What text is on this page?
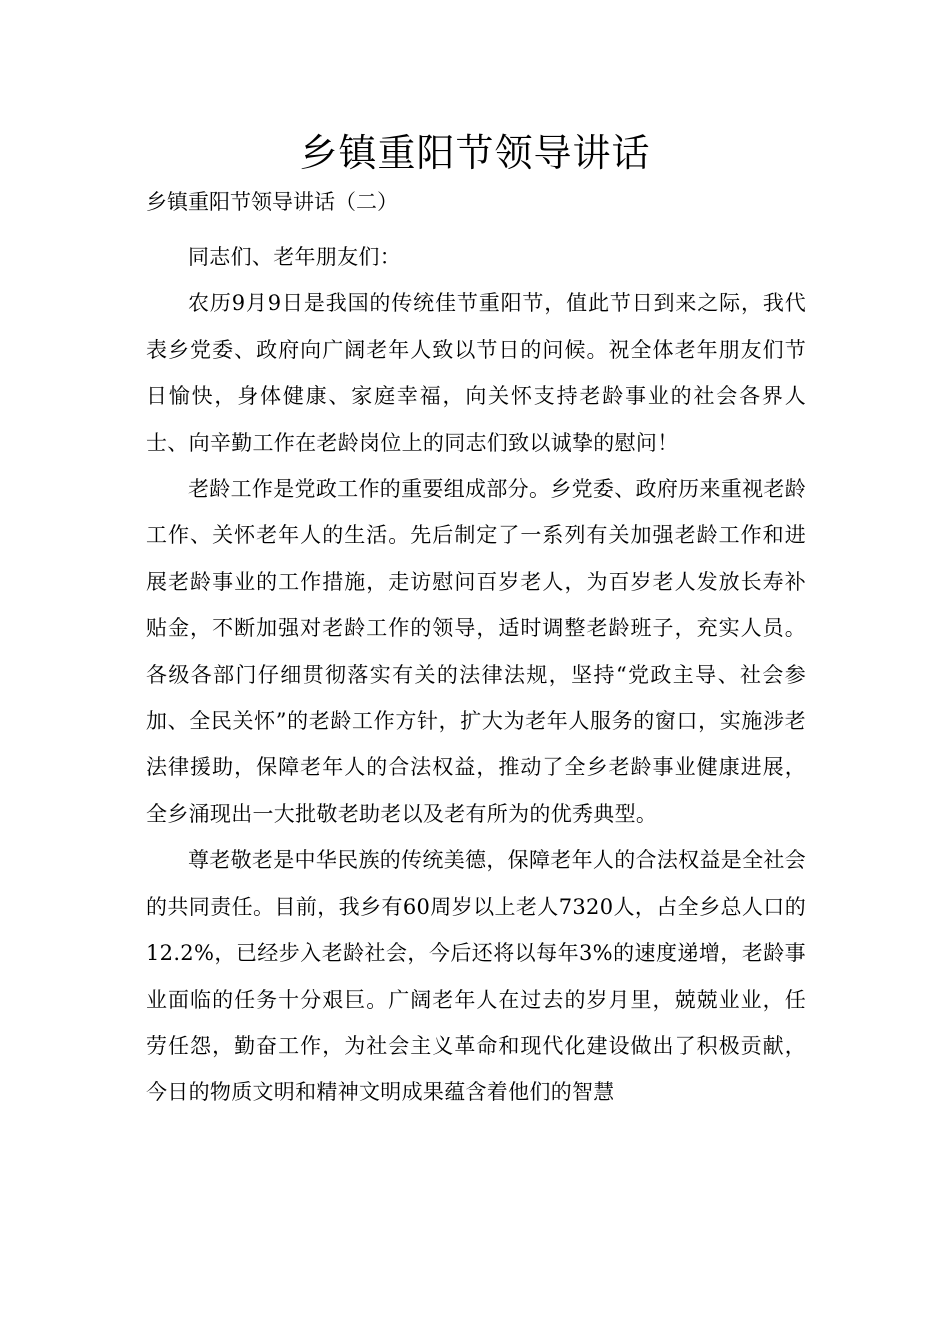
乡镇重阳节领导讲话
乡镇重阳节领导讲话（二）

同志们、老年朋友们：

农历9月9日是我国的传统佳节重阳节，值此节日到来之际，我代表乡党委、政府向广阔老年人致以节日的问候。祝全体老年朋友们节日愉快，身体健康、家庭幸福，向关怀支持老龄事业的社会各界人士、向辛勤工作在老龄岗位上的同志们致以诚挚的慰问！

老龄工作是党政工作的重要组成部分。乡党委、政府历来重视老龄工作、关怀老年人的生活。先后制定了一系列有关加强老龄工作和进展老龄事业的工作措施，走访慰问百岁老人，为百岁老人发放长寿补贴金，不断加强对老龄工作的领导，适时调整老龄班子，充实人员。各级各部门仔细贯彻落实有关的法律法规，坚持“党政主导、社会参加、全民关怀”的老龄工作方针，扩大为老年人服务的窗口，实施涉老法律援助，保障老年人的合法权益，推动了全乡老龄事业健康进展，全乡涌现出一大批敬老助老以及老有所为的优秀典型。

尊老敬老是中华民族的传统美德，保障老年人的合法权益是全社会的共同责任。目前，我乡有60周岁以上老人7320人，占全乡总人口的12.2%，已经步入老龄社会，今后还将以每年3%的速度递增，老龄事业面临的任务十分艰巨。广阔老年人在过去的岁月里，兢兢业业，任劳任怨，勤奋工作，为社会主义革命和现代化建设做出了积极贡献，今日的物质文明和精神文明成果蕴含着他们的智慧
